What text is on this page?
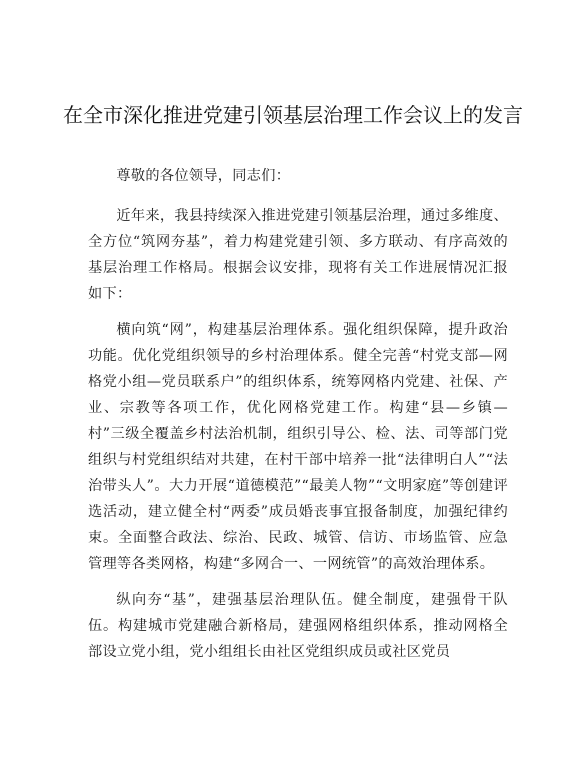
在全市深化推进党建引领基层治理工作会议上的发言

尊敬的各位领导，同志们：

近年来，我县持续深入推进党建引领基层治理，通过多维度、全方位“筑网夯基”，着力构建党建引领、多方联动、有序高效的基层治理工作格局。根据会议安排，现将有关工作进展情况汇报如下：

横向筑“网”，构建基层治理体系。强化组织保障，提升政治功能。优化党组织领导的乡村治理体系。健全完善“村党支部—网格党小组—党员联系户”的组织体系，统筹网格内党建、社保、产业、宗教等各项工作，优化网格党建工作。构建“县—乡镇—村”三级全覆盖乡村法治机制，组织引导公、检、法、司等部门党组织与村党组织结对共建，在村干部中培养一批“法律明白人”“法治带头人”。大力开展“道德模范”“最美人物”“文明家庭”等创建评选活动，建立健全村“两委”成员婚丧事宜报备制度，加强纪律约束。全面整合政法、综治、民政、城管、信访、市场监管、应急管理等各类网格，构建“多网合一、一网统管”的高效治理体系。

纵向夯“基”，建强基层治理队伍。健全制度，建强骨干队伍。构建城市党建融合新格局，建强网格组织体系，推动网格全部设立党小组，党小组组长由社区党组织成员或社区党员
